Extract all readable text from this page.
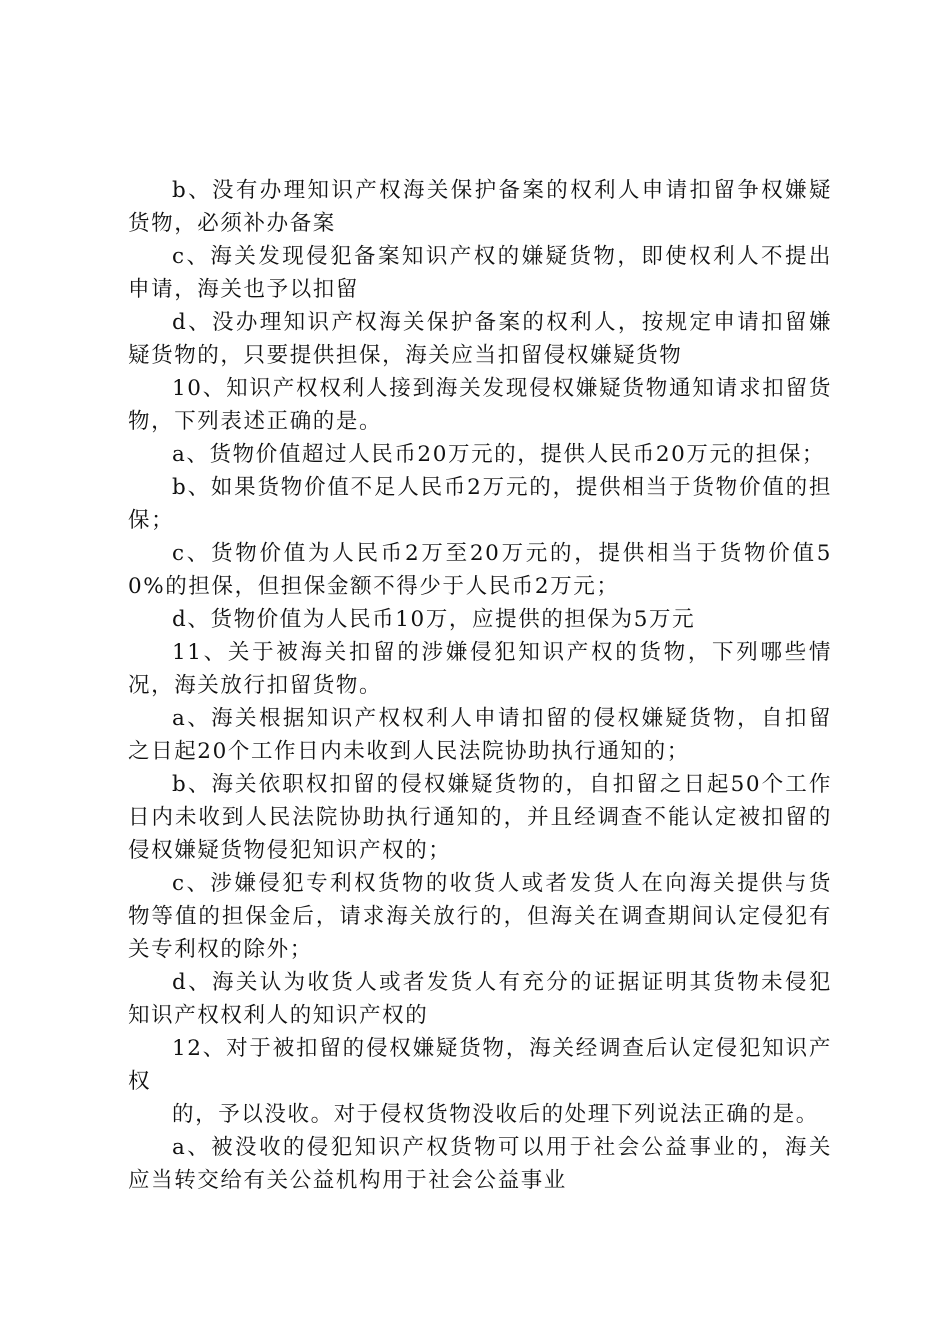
b、没有办理知识产权海关保护备案的权利人申请扣留争权嫌疑货物，必须补办备案

c、海关发现侵犯备案知识产权的嫌疑货物，即使权利人不提出申请，海关也予以扣留

d、没办理知识产权海关保护备案的权利人，按规定申请扣留嫌疑货物的，只要提供担保，海关应当扣留侵权嫌疑货物

10、知识产权权利人接到海关发现侵权嫌疑货物通知请求扣留货物，下列表述正确的是。

a、货物价值超过人民币20万元的，提供人民币20万元的担保；

b、如果货物价值不足人民币2万元的，提供相当于货物价值的担保；

c、货物价值为人民币2万至20万元的，提供相当于货物价值50%的担保，但担保金额不得少于人民币2万元；

d、货物价值为人民币10万，应提供的担保为5万元

11、关于被海关扣留的涉嫌侵犯知识产权的货物，下列哪些情况，海关放行扣留货物。

a、海关根据知识产权权利人申请扣留的侵权嫌疑货物，自扣留之日起20个工作日内未收到人民法院协助执行通知的；

b、海关依职权扣留的侵权嫌疑货物的，自扣留之日起50个工作日内未收到人民法院协助执行通知的，并且经调查不能认定被扣留的侵权嫌疑货物侵犯知识产权的；

c、涉嫌侵犯专利权货物的收货人或者发货人在向海关提供与货物等值的担保金后，请求海关放行的，但海关在调查期间认定侵犯有关专利权的除外；

d、海关认为收货人或者发货人有充分的证据证明其货物未侵犯知识产权权利人的知识产权的

12、对于被扣留的侵权嫌疑货物，海关经调查后认定侵犯知识产权

的，予以没收。对于侵权货物没收后的处理下列说法正确的是。

a、被没收的侵犯知识产权货物可以用于社会公益事业的，海关应当转交给有关公益机构用于社会公益事业
